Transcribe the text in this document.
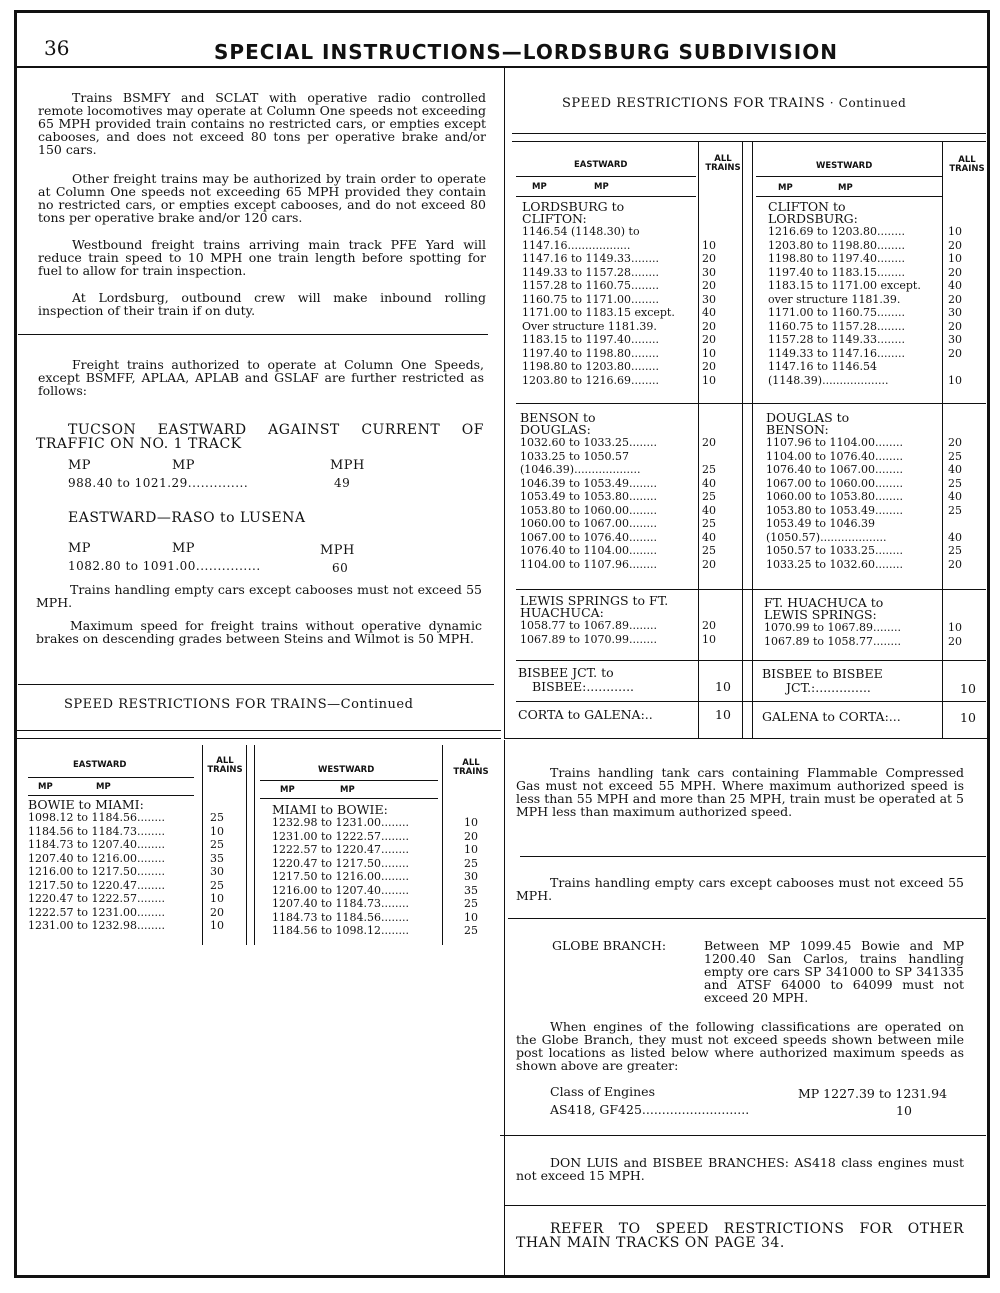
36	SPECIAL INSTRUCTIONS—LORDSBURG SUBDIVISION
Trains BSMFY and SCLAT with operative radio controlled remote locomotives may operate at Column One speeds not exceeding 65 MPH provided train contains no restricted cars, or empties except cabooses, and does not exceed 80 tons per operative brake and/or 150 cars.
Other freight trains may be authorized by train order to operate at Column One speeds not exceeding 65 MPH provided they contain no restricted cars, or empties except cabooses, and do not exceed 80 tons per operative brake and/or 120 cars.
Westbound freight trains arriving main track PFE Yard will reduce train speed to 10 MPH one train length before spotting for fuel to allow for train inspection.
At Lordsburg, outbound crew will make inbound rolling inspection of their train if on duty.
Freight trains authorized to operate at Column One Speeds, except BSMFF, APLAA, APLAB and GSLAF are further restricted as follows:
TUCSON EASTWARD AGAINST CURRENT OF TRAFFIC ON NO. 1 TRACK
MP	MP	MPH
988.40 to 1021.29..............	49
EASTWARD—RASO to LUSENA
MP	MP	MPH
1082.80 to 1091.00...............	60
Trains handling empty cars except cabooses must not exceed 55 MPH.
Maximum speed for freight trains without operative dynamic brakes on descending grades between Steins and Wilmot is 50 MPH.
SPEED RESTRICTIONS FOR TRAINS—Continued
EASTWARD	ALL TRAINS	WESTWARD
ALL TRAINS
MP	MP	MP	MP
BOWIE to MIAMI:
1098.12 to 1184.56........	25
1184.56 to 1184.73........	10
1184.73 to 1207.40........	25
1207.40 to 1216.00........	35
1216.00 to 1217.50........	30
1217.50 to 1220.47........	25
1220.47 to 1222.57........	10
1222.57 to 1231.00........	20
1231.00 to 1232.98........	10
MIAMI to BOWIE:
1232.98 to 1231.00........	10
1231.00 to 1222.57........	20
1222.57 to 1220.47........	10
1220.47 to 1217.50........	25
1217.50 to 1216.00........	30
1216.00 to 1207.40........	35
1207.40 to 1184.73........	25
1184.73 to 1184.56........	10
1184.56 to 1098.12........	25
SPEED RESTRICTIONS FOR TRAINS · Continued
EASTWARD
ALL TRAINS	WESTWARD
ALL TRAINS
MP	MP	MP	MP
LORDSBURG to CLIFTON:
1146.54 (1148.30) to
1147.16..................	10
1147.16 to 1149.33........	20
1149.33 to 1157.28........	30
1157.28 to 1160.75........	20
1160.75 to 1171.00........	30
1171.00 to 1183.15 except.	40
Over structure 1181.39.	20
1183.15 to 1197.40........	20
1197.40 to 1198.80........	10
1198.80 to 1203.80........	20
1203.80 to 1216.69........	10
CLIFTON to LORDSBURG:
1216.69 to 1203.80........	10
1203.80 to 1198.80........	20
1198.80 to 1197.40........	10
1197.40 to 1183.15........	20
1183.15 to 1171.00 except.	40
over structure 1181.39.	20
1171.00 to 1160.75........	30
1160.75 to 1157.28........	20
1157.28 to 1149.33........	30
1149.33 to 1147.16........	20
1147.16 to 1146.54
(1148.39)...................	10
BENSON to DOUGLAS:
1032.60 to 1033.25........	20
1033.25 to 1050.57
(1046.39)...................	25
1046.39 to 1053.49........	40
1053.49 to 1053.80........	25
1053.80 to 1060.00........	40
1060.00 to 1067.00........	25
1067.00 to 1076.40........	40
1076.40 to 1104.00........	25
1104.00 to 1107.96........	20
DOUGLAS to BENSON:
1107.96 to 1104.00........	20
1104.00 to 1076.40........	25
1076.40 to 1067.00........	40
1067.00 to 1060.00........	25
1060.00 to 1053.80........	40
1053.80 to 1053.49........	25
1053.49 to 1046.39
(1050.57)...................	40
1050.57 to 1033.25........	25
1033.25 to 1032.60........	20
LEWIS SPRINGS to FT. HUACHUCA:
1058.77 to 1067.89........	20
1067.89 to 1070.99........	10
FT. HUACHUCA to LEWIS SPRINGS:
1070.99 to 1067.89........	10
1067.89 to 1058.77........	20
BISBEE JCT. to
BISBEE:............	10
BISBEE to BISBEE
JCT.:..............	10
CORTA to GALENA:..	10	GALENA to CORTA:...	10
Trains handling tank cars containing Flammable Compressed Gas must not exceed 55 MPH. Where maximum authorized speed is less than 55 MPH and more than 25 MPH, train must be operated at 5 MPH less than maximum authorized speed.
Trains handling empty cars except cabooses must not exceed 55 MPH.
GLOBE BRANCH:	Between MP 1099.45 Bowie and MP 1200.40 San Carlos, trains handling empty ore cars SP 341000 to SP 341335 and ATSF 64000 to 64099 must not exceed 20 MPH.
When engines of the following classifications are operated on the Globe Branch, they must not exceed speeds shown between mile post locations as listed below where authorized maximum speeds as shown above are greater:
Class of Engines	MP 1227.39 to 1231.94
AS418, GF425...........................	10
DON LUIS and BISBEE BRANCHES: AS418 class engines must not exceed 15 MPH.
REFER TO SPEED RESTRICTIONS FOR OTHER THAN MAIN TRACKS ON PAGE 34.
